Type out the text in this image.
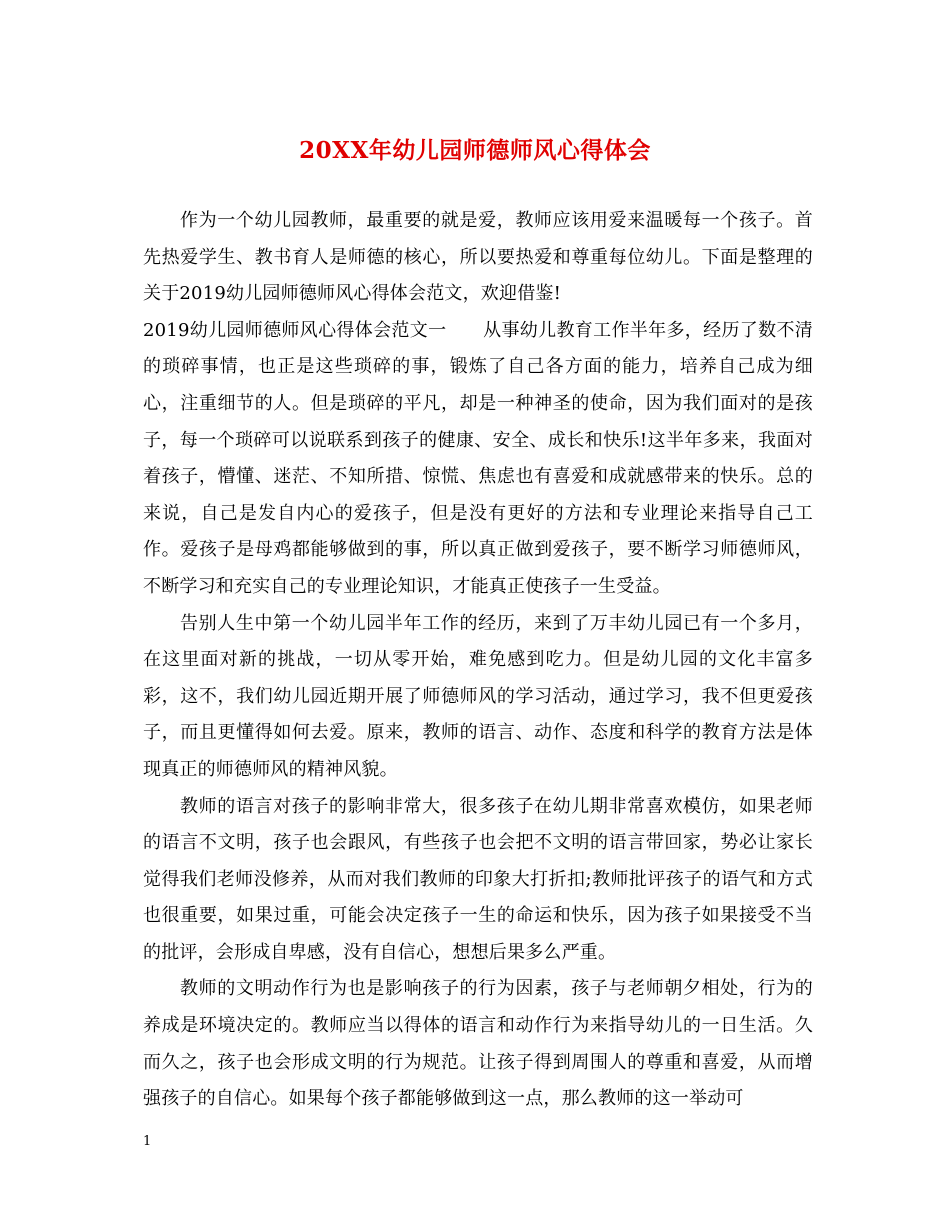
20XX年幼儿园师德师风心得体会

作为一个幼儿园教师，最重要的就是爱，教师应该用爱来温暖每一个孩子。首先热爱学生、教书育人是师德的核心，所以要热爱和尊重每位幼儿。下面是整理的关于2019幼儿园师德师风心得体会范文，欢迎借鉴!

2019幼儿园师德师风心得体会范文一　　从事幼儿教育工作半年多，经历了数不清的琐碎事情，也正是这些琐碎的事，锻炼了自己各方面的能力，培养自己成为细心，注重细节的人。但是琐碎的平凡，却是一种神圣的使命，因为我们面对的是孩子，每一个琐碎可以说联系到孩子的健康、安全、成长和快乐!这半年多来，我面对着孩子，懵懂、迷茫、不知所措、惊慌、焦虑也有喜爱和成就感带来的快乐。总的来说，自己是发自内心的爱孩子，但是没有更好的方法和专业理论来指导自己工作。爱孩子是母鸡都能够做到的事，所以真正做到爱孩子，要不断学习师德师风，不断学习和充实自己的专业理论知识，才能真正使孩子一生受益。

告别人生中第一个幼儿园半年工作的经历，来到了万丰幼儿园已有一个多月，在这里面对新的挑战，一切从零开始，难免感到吃力。但是幼儿园的文化丰富多彩，这不，我们幼儿园近期开展了师德师风的学习活动，通过学习，我不但更爱孩子，而且更懂得如何去爱。原来，教师的语言、动作、态度和科学的教育方法是体现真正的师德师风的精神风貌。

教师的语言对孩子的影响非常大，很多孩子在幼儿期非常喜欢模仿，如果老师的语言不文明，孩子也会跟风，有些孩子也会把不文明的语言带回家，势必让家长觉得我们老师没修养，从而对我们教师的印象大打折扣;教师批评孩子的语气和方式也很重要，如果过重，可能会决定孩子一生的命运和快乐，因为孩子如果接受不当的批评，会形成自卑感，没有自信心，想想后果多么严重。

教师的文明动作行为也是影响孩子的行为因素，孩子与老师朝夕相处，行为的养成是环境决定的。教师应当以得体的语言和动作行为来指导幼儿的一日生活。久而久之，孩子也会形成文明的行为规范。让孩子得到周围人的尊重和喜爱，从而增强孩子的自信心。如果每个孩子都能够做到这一点，那么教师的这一举动可

1
